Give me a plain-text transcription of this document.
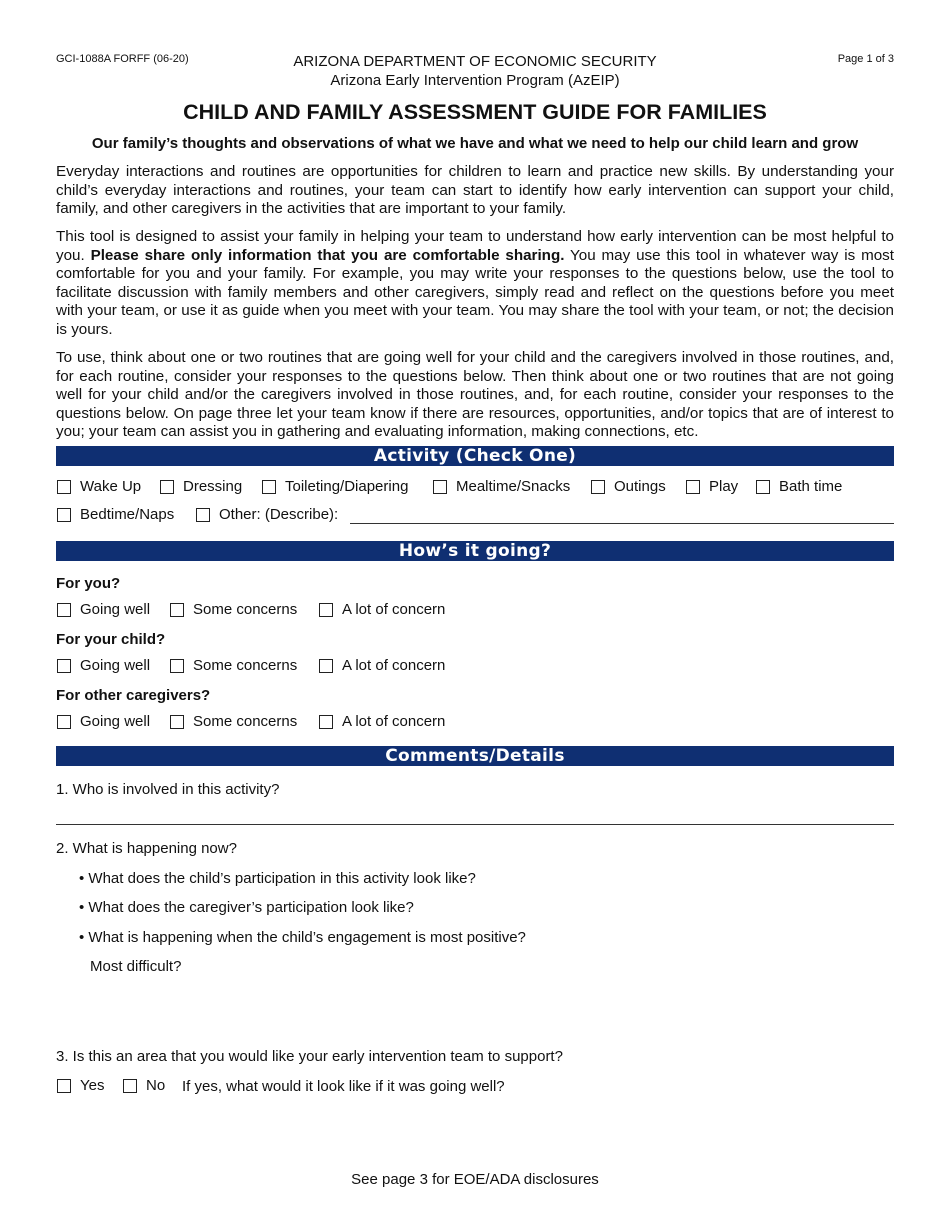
GCI-1088A FORFF (06-20)	ARIZONA DEPARTMENT OF ECONOMIC SECURITY
Arizona Early Intervention Program (AzEIP)
Page 1 of 3
CHILD AND FAMILY ASSESSMENT GUIDE FOR FAMILIES
Our family’s thoughts and observations of what we have and what we need to help our child learn and grow
Everyday interactions and routines are opportunities for children to learn and practice new skills. By understanding your child’s everyday interactions and routines, your team can start to identify how early intervention can support your child, family, and other caregivers in the activities that are important to your family.
This tool is designed to assist your family in helping your team to understand how early intervention can be most helpful to you. Please share only information that you are comfortable sharing. You may use this tool in whatever way is most comfortable for you and your family. For example, you may write your responses to the questions below, use the tool to facilitate discussion with family members and other caregivers, simply read and reflect on the questions before you meet with your team, or use it as guide when you meet with your team. You may share the tool with your team, or not; the decision is yours.
To use, think about one or two routines that are going well for your child and the caregivers involved in those routines, and, for each routine, consider your responses to the questions below. Then think about one or two routines that are not going well for your child and/or the caregivers involved in those routines, and, for each routine, consider your responses to the questions below. On page three let your team know if there are resources, opportunities, and/or topics that are of interest to you; your team can assist you in gathering and evaluating information, making connections, etc.
Activity (Check One)
Wake Up	Dressing	Toileting/Diapering	Mealtime/Snacks	Outings	Play	Bath time
Bedtime/Naps	Other: (Describe):
How’s it going?
For you?
Going well	Some concerns	A lot of concern
For your child?
Going well	Some concerns	A lot of concern
For other caregivers?
Going well	Some concerns	A lot of concern
Comments/Details
1. Who is involved in this activity?
2. What is happening now?
• What does the child’s participation in this activity look like?
• What does the caregiver’s participation look like?
• What is happening when the child’s engagement is most positive?
Most difficult?
3. Is this an area that you would like your early intervention team to support?
Yes	No If yes, what would it look like if it was going well?
See page 3 for EOE/ADA disclosures
